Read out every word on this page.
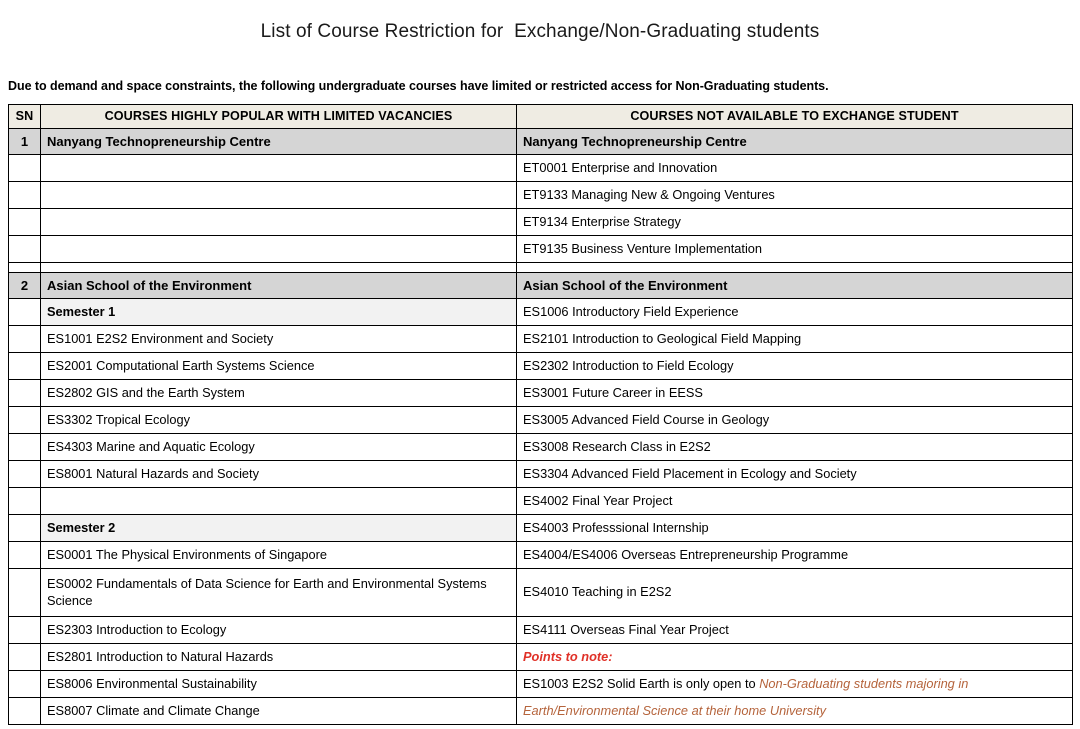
List of Course Restriction for  Exchange/Non-Graduating students
Due to demand and space constraints, the following undergraduate courses have limited or restricted access for Non-Graduating students.
SN	COURSES HIGHLY POPULAR WITH LIMITED VACANCIES	COURSES NOT AVAILABLE TO EXCHANGE STUDENT
1	Nanyang Technopreneurship Centre	Nanyang Technopreneurship Centre
		ET0001 Enterprise and Innovation
		ET9133 Managing New & Ongoing Ventures
		ET9134 Enterprise Strategy
		ET9135 Business Venture Implementation

2	Asian School of the Environment	Asian School of the Environment
	Semester 1	ES1006 Introductory Field Experience
	ES1001 E2S2 Environment and Society	ES2101 Introduction to Geological Field Mapping
	ES2001 Computational Earth Systems Science	ES2302 Introduction to Field Ecology
	ES2802 GIS and the Earth System	ES3001 Future Career in EESS
	ES3302 Tropical Ecology	ES3005 Advanced Field Course in Geology
	ES4303 Marine and Aquatic Ecology	ES3008 Research Class in E2S2
	ES8001 Natural Hazards and Society	ES3304 Advanced Field Placement in Ecology and Society
		ES4002 Final Year Project
	Semester 2	ES4003 Professsional Internship
	ES0001 The Physical Environments of Singapore	ES4004/ES4006 Overseas Entrepreneurship Programme
	ES0002 Fundamentals of Data Science for Earth and Environmental Systems Science	ES4010 Teaching in E2S2
	ES2303 Introduction to Ecology	ES4111 Overseas Final Year Project
	ES2801 Introduction to Natural Hazards	Points to note:
	ES8006 Environmental Sustainability	ES1003 E2S2 Solid Earth is only open to Non-Graduating students majoring in
	ES8007 Climate and Climate Change	Earth/Environmental Science at their home University
